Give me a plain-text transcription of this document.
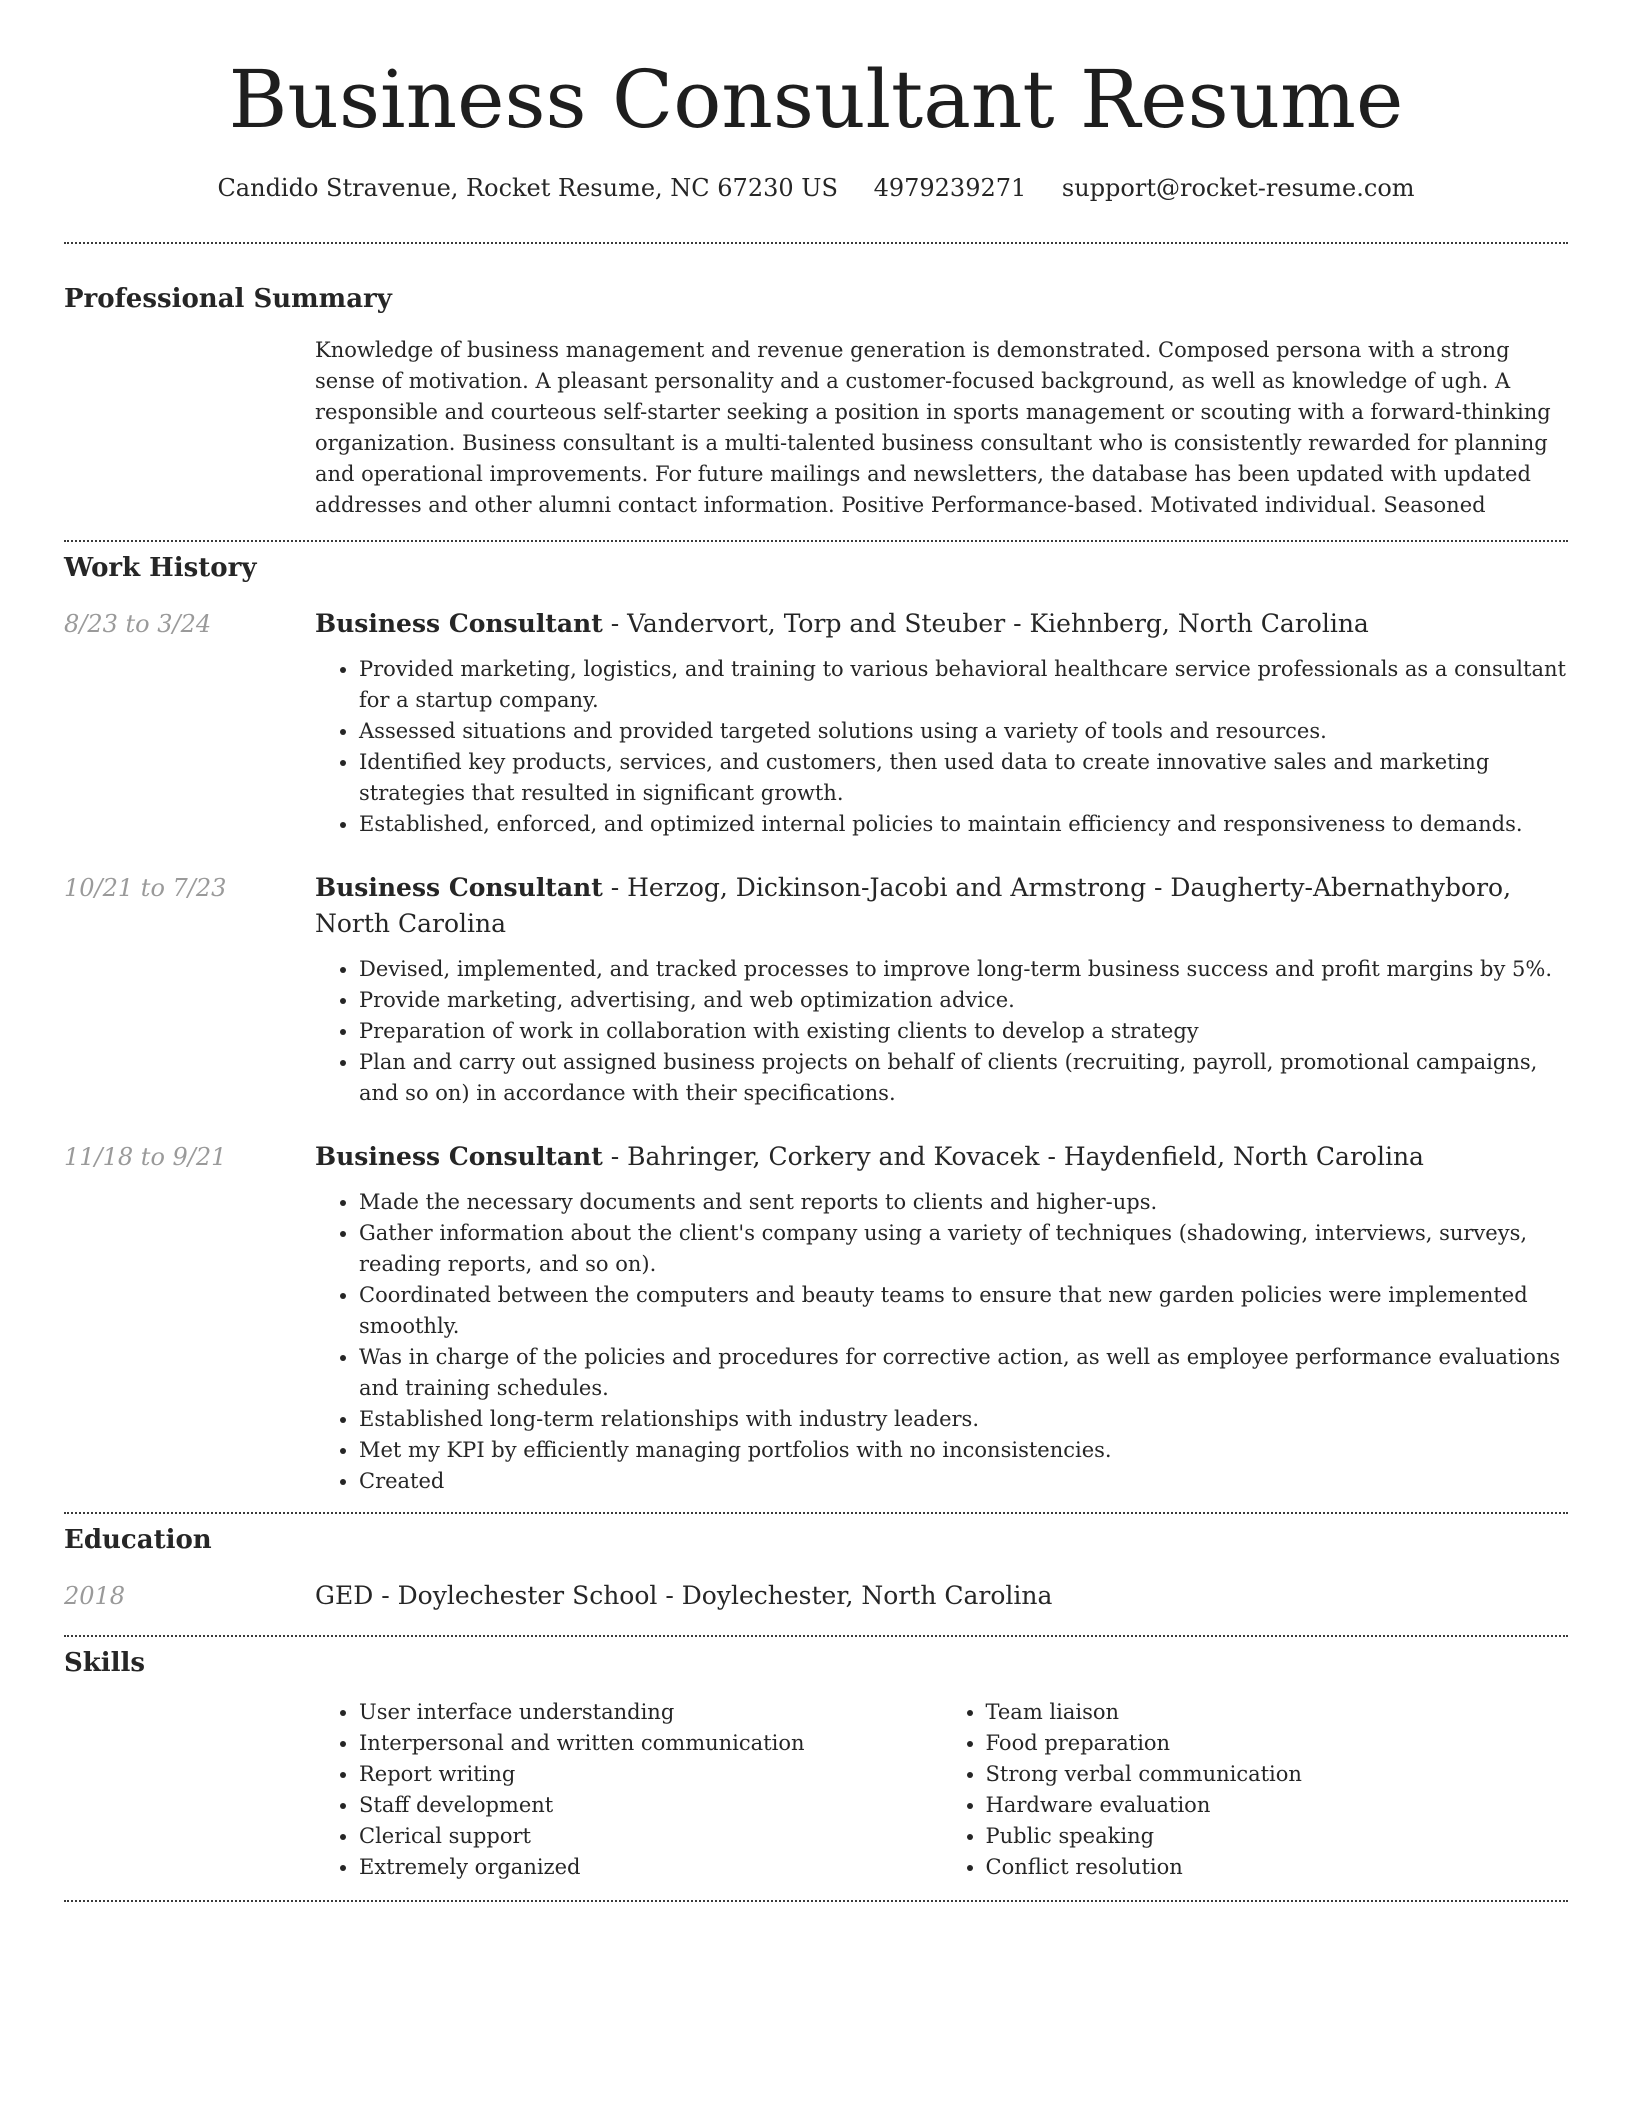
Business Consultant Resume
Candido Stravenue, Rocket Resume, NC 67230 US 4979239271 support@rocket-resume.com
Professional Summary

Knowledge of business management and revenue generation is demonstrated. Composed persona with a strong sense of motivation. A pleasant personality and a customer-focused background, as well as knowledge of ugh. A responsible and courteous self-starter seeking a position in sports management or scouting with a forward-thinking organization. Business consultant is a multi-talented business consultant who is consistently rewarded for planning and operational improvements. For future mailings and newsletters, the database has been updated with updated addresses and other alumni contact information. Positive Performance-based. Motivated individual. Seasoned

Work History
8/23 to 3/24	Business Consultant - Vandervort, Torp and Steuber - Kiehnberg, North Carolina

• Provided marketing, logistics, and training to various behavioral healthcare service professionals as a consultant for a startup company.
• Assessed situations and provided targeted solutions using a variety of tools and resources.
• Identified key products, services, and customers, then used data to create innovative sales and marketing strategies that resulted in significant growth.
• Established, enforced, and optimized internal policies to maintain efficiency and responsiveness to demands.
10/21 to 7/23	Business Consultant - Herzog, Dickinson-Jacobi and Armstrong - Daugherty-Abernathyboro, North Carolina

• Devised, implemented, and tracked processes to improve long-term business success and profit margins by 5%.
• Provide marketing, advertising, and web optimization advice.
• Preparation of work in collaboration with existing clients to develop a strategy
• Plan and carry out assigned business projects on behalf of clients (recruiting, payroll, promotional campaigns, and so on) in accordance with their specifications.
11/18 to 9/21	Business Consultant - Bahringer, Corkery and Kovacek - Haydenfield, North Carolina

• Made the necessary documents and sent reports to clients and higher-ups.
• Gather information about the client's company using a variety of techniques (shadowing, interviews, surveys, reading reports, and so on).
• Coordinated between the computers and beauty teams to ensure that new garden policies were implemented smoothly.
• Was in charge of the policies and procedures for corrective action, as well as employee performance evaluations and training schedules.
• Established long-term relationships with industry leaders.
• Met my KPI by efficiently managing portfolios with no inconsistencies.
• Created
Education
2018	GED - Doylechester School - Doylechester, North Carolina

Skills
• User interface understanding
• Interpersonal and written communication
• Report writing
• Staff development
• Clerical support
• Extremely organized
• Team liaison
• Food preparation
• Strong verbal communication
• Hardware evaluation
• Public speaking
• Conflict resolution
